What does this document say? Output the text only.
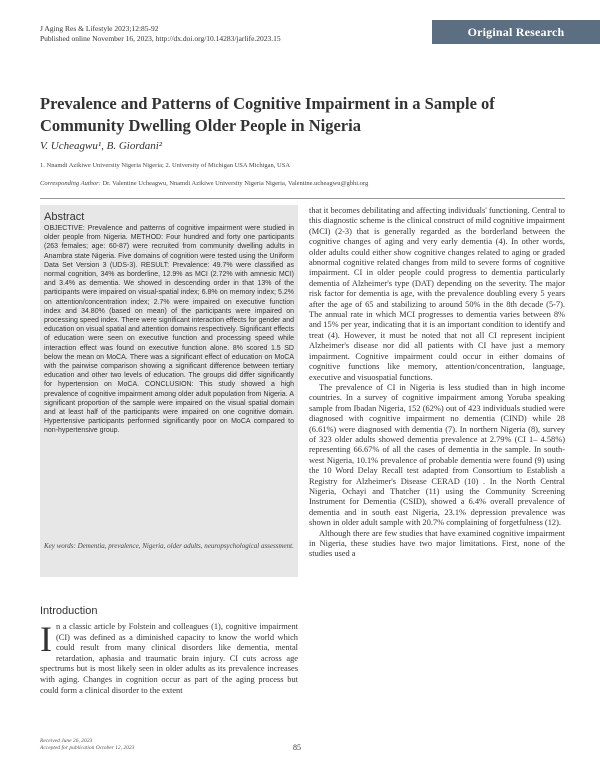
J Aging Res & Lifestyle 2023;12:85-92
Published online November 16, 2023, http://dx.doi.org/10.14283/jarlife.2023.15	Original Research
Prevalence and Patterns of Cognitive Impairment in a Sample of Community Dwelling Older People in Nigeria
V. Ucheagwu¹, B. Giordani²
1. Nnamdi Azikiwe University Nigeria Nigeria; 2. University of Michigan USA Michigan, USA
Corresponding Author: Dr. Valentine Ucheagwu, Nnamdi Azikiwe University Nigeria Nigeria, Valentine.ucheagwu@gbhi.org
Abstract
OBJECTIVE: Prevalence and patterns of cognitive impairment were studied in older people from Nigeria. METHOD: Four hundred and forty one participants (263 females; age: 60-87) were recruited from community dwelling adults in Anambra state Nigeria. Five domains of cognition were tested using the Uniform Data Set Version 3 (UDS-3). RESULT: Prevalence: 49.7% were classified as normal cognition, 34% as borderline, 12.9% as MCI (2.72% with amnesic MCI) and 3.4% as dementia. We showed in descending order in that 13% of the participants were impaired on visual-spatial index; 6.8% on memory index; 5.2% on attention/concentration index; 2.7% were impaired on executive function index and 34.80% (based on mean) of the participants were impaired on processing speed index. There were significant interaction effects for gender and education on visual spatial and attention domains respectively. Significant effects of education were seen on executive function and processing speed while interaction effect was found on executive function alone. 8% scored 1.5 SD below the mean on MoCA. There was a significant effect of education on MoCA with the pairwise comparison showing a significant difference between tertiary education and other two levels of education. The groups did differ significantly for hypertension on MoCA. CONCLUSION: This study showed a high prevalence of cognitive impairment among older adult population from Nigeria. A significant proportion of the sample were impaired on the visual spatial domain and at least half of the participants were impaired on one cognitive domain. Hypertensive participants performed significantly poor on MoCA compared to non-hypertensive group.
Key words: Dementia, prevalence, Nigeria, older adults, neuropsychological assessment.
Introduction
In a classic article by Folstein and colleagues (1), cognitive impairment (CI) was defined as a diminished capacity to know the world which could result from many clinical disorders like dementia, mental retardation, aphasia and traumatic brain injury. CI cuts across age spectrums but is most likely seen in older adults as its prevalence increases with aging. Changes in cognition occur as part of the aging process but could form a clinical disorder to the extent

that it becomes debilitating and affecting individuals' functioning. Central to this diagnostic scheme is the clinical construct of mild cognitive impairment (MCI) (2-3) that is generally regarded as the borderland between the cognitive changes of aging and very early dementia (4). In other words, older adults could either show cognitive changes related to aging or graded abnormal cognitive related changes from mild to severe forms of cognitive impairment. CI in older people could progress to dementia particularly dementia of Alzheimer's type (DAT) depending on the severity. The major risk factor for dementia is age, with the prevalence doubling every 5 years after the age of 65 and stabilizing to around 50% in the 8th decade (5-7). The annual rate in which MCI progresses to dementia varies between 8% and 15% per year, indicating that it is an important condition to identify and treat (4). However, it must be noted that not all CI represent incipient Alzheimer's disease nor did all patients with CI have just a memory impairment. Cognitive impairment could occur in either domains of cognitive functions like memory, attention/concentration, language, executive and visuospatial functions.

The prevalence of CI in Nigeria is less studied than in high income countries. In a survey of cognitive impairment among Yoruba speaking sample from Ibadan Nigeria, 152 (62%) out of 423 individuals studied were diagnosed with cognitive impairment no dementia (CIND) while 28 (6.61%) were diagnosed with dementia (7). In northern Nigeria (8), survey of 323 older adults showed dementia prevalence at 2.79% (CI 1– 4.58%) representing 66.67% of all the cases of dementia in the sample. In south-west Nigeria, 10.1% prevalence of probable dementia were found (9) using the 10 Word Delay Recall test adapted from Consortium to Establish a Registry for Alzheimer's Disease CERAD (10) . In the North Central Nigeria, Ochayi and Thatcher (11) using the Community Screening Instrument for Dementia (CSID), showed a 6.4% overall prevalence of dementia and in south east Nigeria, 23.1% depression prevalence was shown in older adult sample with 20.7% complaining of forgetfulness (12).

Although there are few studies that have examined cognitive impairment in Nigeria, these studies have two major limitations. First, none of the studies used a

Received June 26, 2023
Accepted for publication October 12, 2023	85
